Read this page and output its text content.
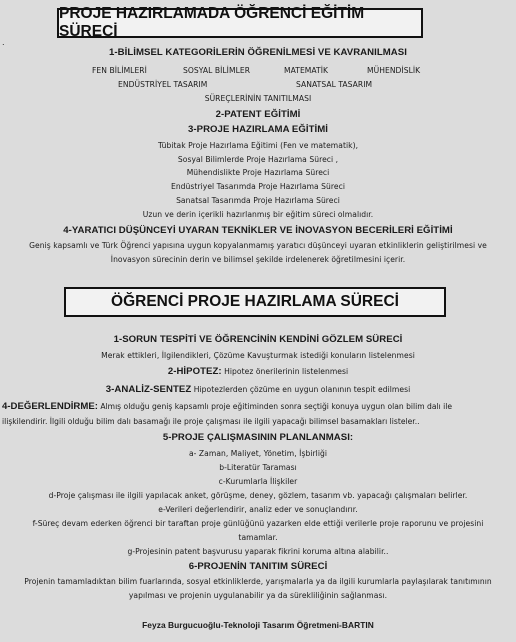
PROJE HAZIRLAMADA ÖĞRENCİ EĞİTİM SÜRECİ
.
1-BİLİMSEL KATEGORİLERİN ÖĞRENİLMESİ VE KAVRANILMASI
FEN BİLİMLERİ	SOSYAL BİLİMLER	MATEMATİK	MÜHENDİSLİK
ENDÜSTRİYEL TASARIM	SANATSAL TASARIM
SÜREÇLERİNİN TANITILMASI
2-PATENT EĞİTİMİ
3-PROJE HAZIRLAMA EĞİTİMİ
Tübitak Proje Hazırlama Eğitimi (Fen ve matematik),
Sosyal Bilimlerde Proje Hazırlama Süreci ,
Mühendislikte Proje Hazırlama Süreci
Endüstriyel Tasarımda Proje Hazırlama Süreci
Sanatsal Tasarımda Proje Hazırlama Süreci
Uzun ve derin içerikli hazırlanmış bir eğitim süreci olmalıdır.
4-YARATICI DÜŞÜNCEYİ UYARAN TEKNİKLER VE İNOVASYON BECERİLERİ EĞİTİMİ
Geniş kapsamlı ve Türk Öğrenci yapısına uygun kopyalanmamış yaratıcı düşünceyi uyaran etkinliklerin geliştirilmesi ve
İnovasyon sürecinin derin ve bilimsel şekilde irdelenerek öğretilmesini içerir.
ÖĞRENCİ PROJE HAZIRLAMA SÜRECİ
1-SORUN TESPİTİ VE ÖĞRENCİNİN KENDİNİ GÖZLEM SÜRECİ
Merak ettikleri, İlgilendikleri, Çözüme Kavuşturmak istediği konuların listelenmesi
2-HİPOTEZ: Hipotez önerilerinin listelenmesi
3-ANALİZ-SENTEZ Hipotezlerden çözüme en uygun olanının tespit edilmesi
4-DEĞERLENDİRME: Almış olduğu geniş kapsamlı proje eğitiminden sonra seçtiği konuya uygun olan bilim dalı ile
ilişkilendirir. İlgili olduğu bilim dalı basamağı ile proje çalışması ile ilgili yapacağı bilimsel basamakları listeler..
5-PROJE ÇALIŞMASININ PLANLANMASI:
a- Zaman, Maliyet, Yönetim, İşbirliği
b-Literatür Taraması
c-Kurumlarla İlişkiler
d-Proje çalışması ile ilgili yapılacak anket, görüşme, deney, gözlem, tasarım vb. yapacağı çalışmaları belirler.
e-Verileri değerlendirir, analiz eder ve sonuçlandırır.
f-Süreç devam ederken öğrenci bir taraftan proje günlüğünü yazarken elde ettiği verilerle proje raporunu ve projesini
tamamlar.
g-Projesinin patent başvurusu yaparak fikrini koruma altına alabilir..
6-PROJENİN TANITIM SÜRECİ
Projenin tamamladıktan bilim fuarlarında, sosyal etkinliklerde, yarışmalarla ya da ilgili kurumlarla paylaşılarak tanıtımının
yapılması ve projenin uygulanabilir ya da sürekliliğinin sağlanması.
Feyza Burgucuoğlu-Teknoloji Tasarım Öğretmeni-BARTIN
